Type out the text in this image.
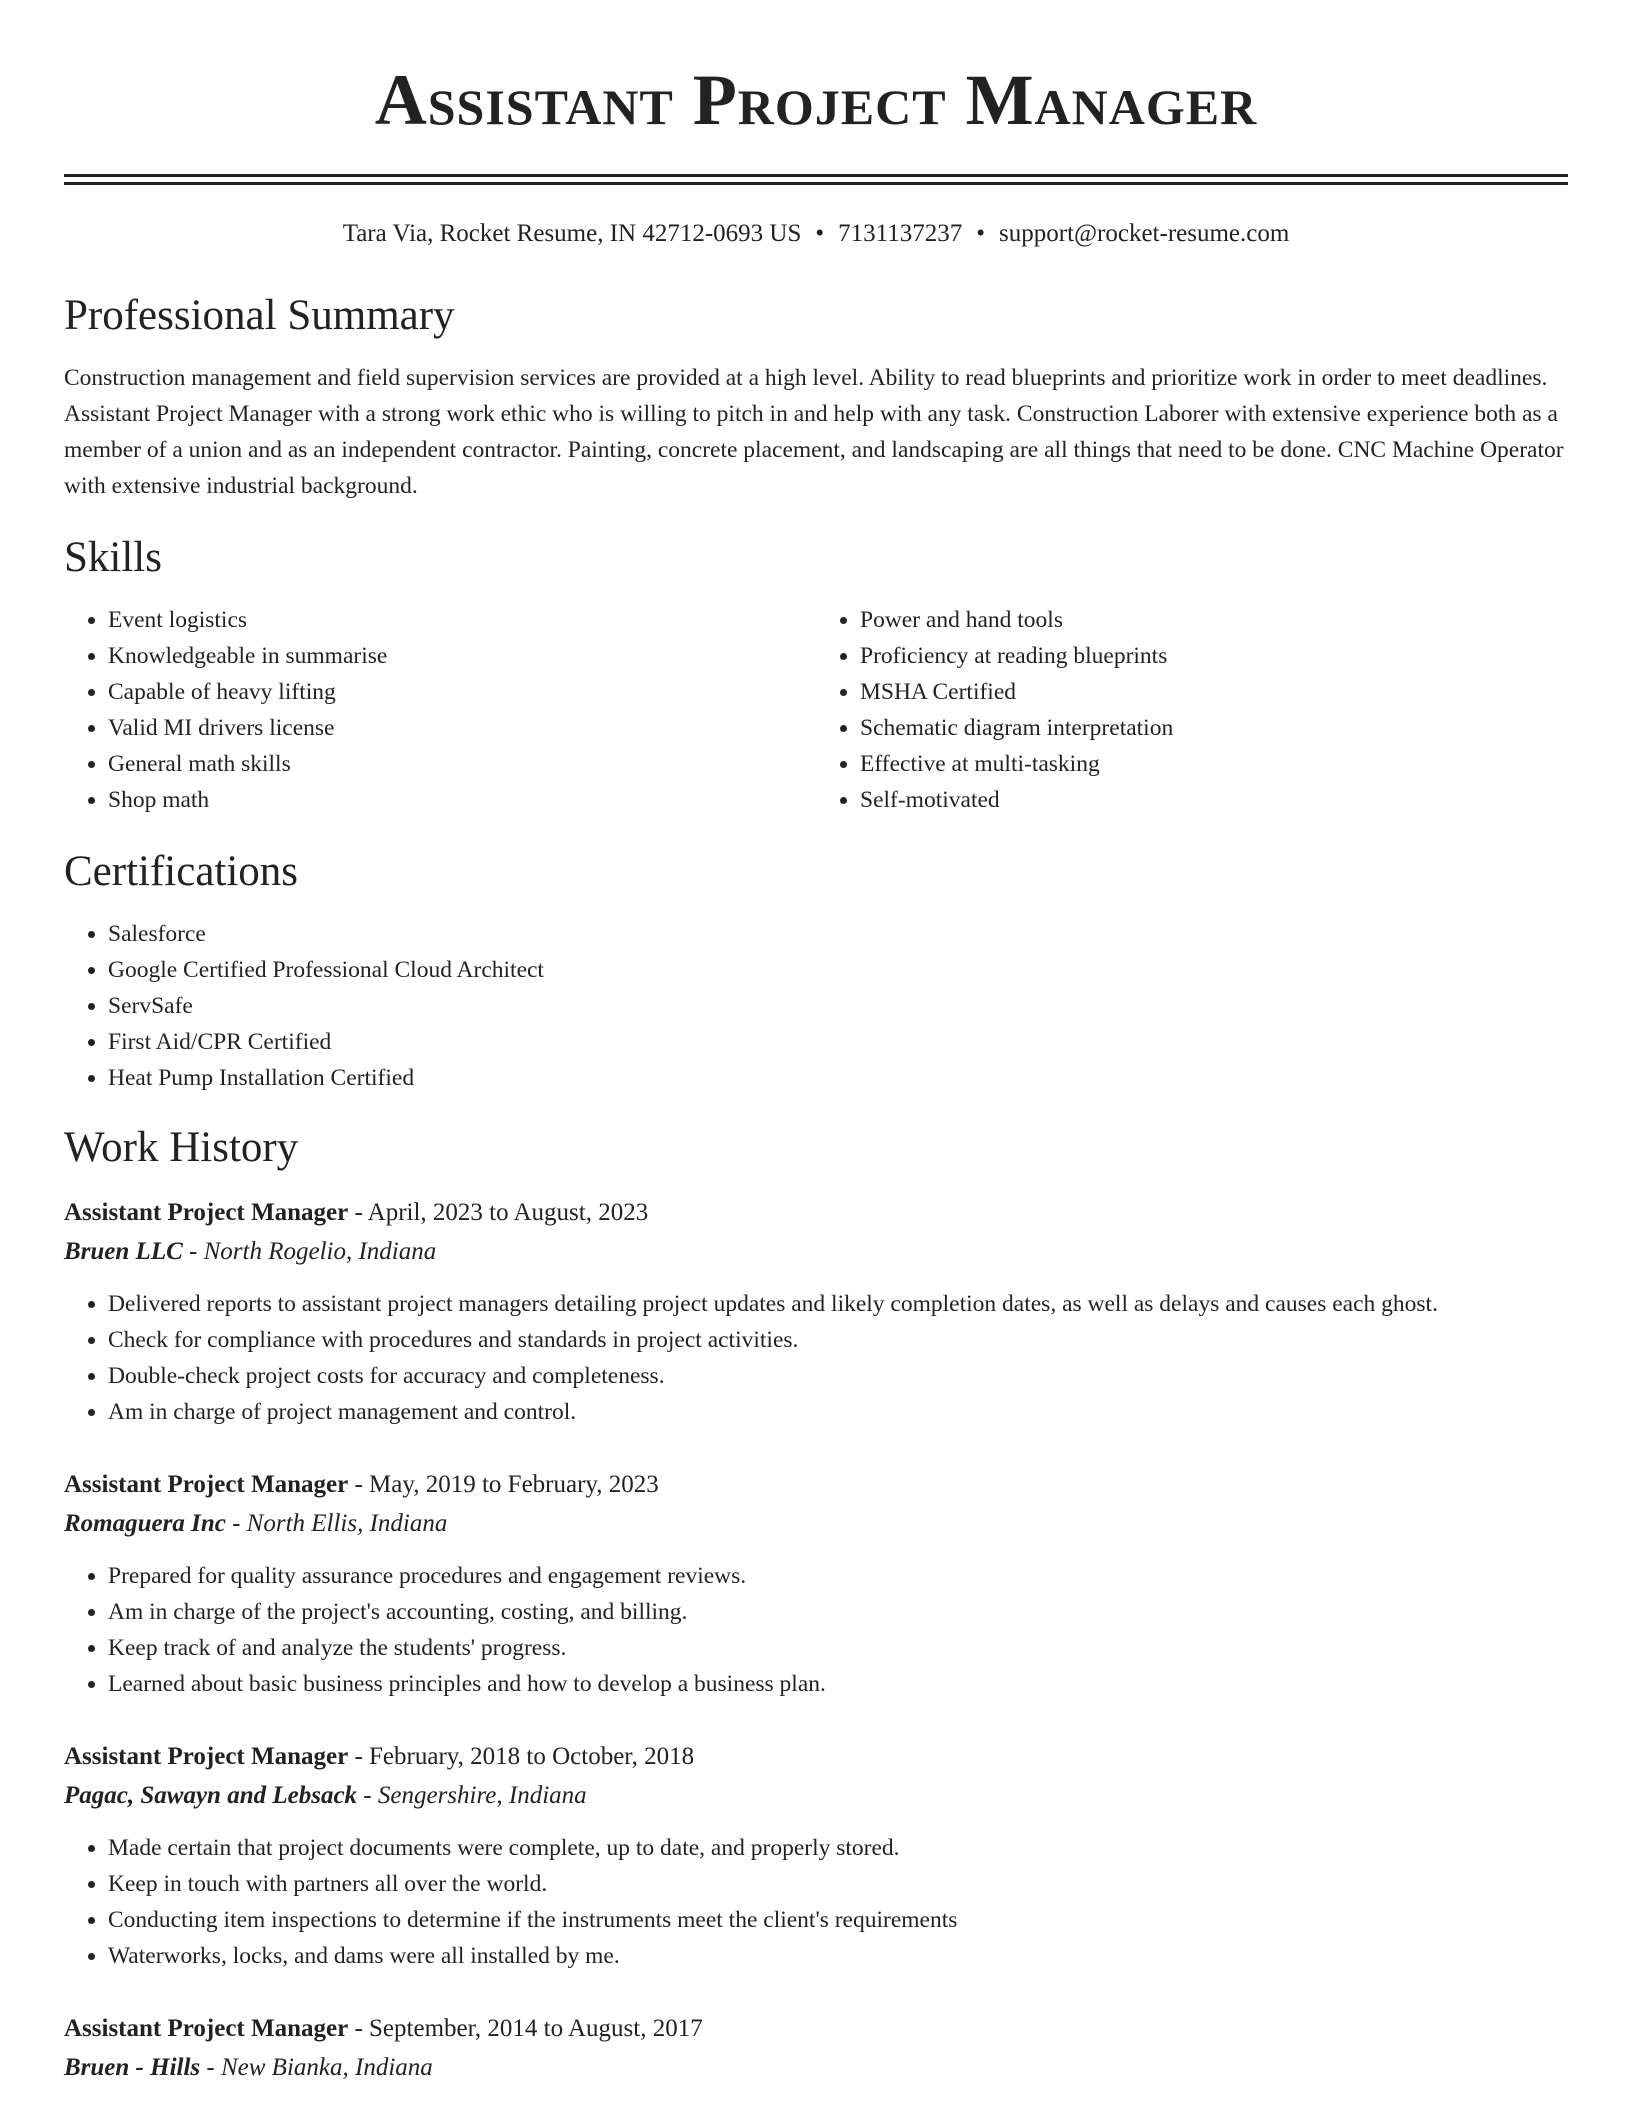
Assistant Project Manager
Tara Via, Rocket Resume, IN 42712-0693 US • 7131137237 • support@rocket-resume.com
Professional Summary

Construction management and field supervision services are provided at a high level. Ability to read blueprints and prioritize work in order to meet deadlines. Assistant Project Manager with a strong work ethic who is willing to pitch in and help with any task. Construction Laborer with extensive experience both as a member of a union and as an independent contractor. Painting, concrete placement, and landscaping are all things that need to be done. CNC Machine Operator with extensive industrial background.

Skills
• Event logistics
• Knowledgeable in summarise
• Capable of heavy lifting
• Valid MI drivers license
• General math skills
• Shop math
• Power and hand tools
• Proficiency at reading blueprints
• MSHA Certified
• Schematic diagram interpretation
• Effective at multi-tasking
• Self-motivated
Certifications
• Salesforce
• Google Certified Professional Cloud Architect
• ServSafe
• First Aid/CPR Certified
• Heat Pump Installation Certified
Work History
Assistant Project Manager - April, 2023 to August, 2023
Bruen LLC - North Rogelio, Indiana
• Delivered reports to assistant project managers detailing project updates and likely completion dates, as well as delays and causes each ghost.
• Check for compliance with procedures and standards in project activities.
• Double-check project costs for accuracy and completeness.
• Am in charge of project management and control.
Assistant Project Manager - May, 2019 to February, 2023
Romaguera Inc - North Ellis, Indiana
• Prepared for quality assurance procedures and engagement reviews.
• Am in charge of the project's accounting, costing, and billing.
• Keep track of and analyze the students' progress.
• Learned about basic business principles and how to develop a business plan.
Assistant Project Manager - February, 2018 to October, 2018
Pagac, Sawayn and Lebsack - Sengershire, Indiana
• Made certain that project documents were complete, up to date, and properly stored.
• Keep in touch with partners all over the world.
• Conducting item inspections to determine if the instruments meet the client's requirements
• Waterworks, locks, and dams were all installed by me.
Assistant Project Manager - September, 2014 to August, 2017
Bruen - Hills - New Bianka, Indiana
